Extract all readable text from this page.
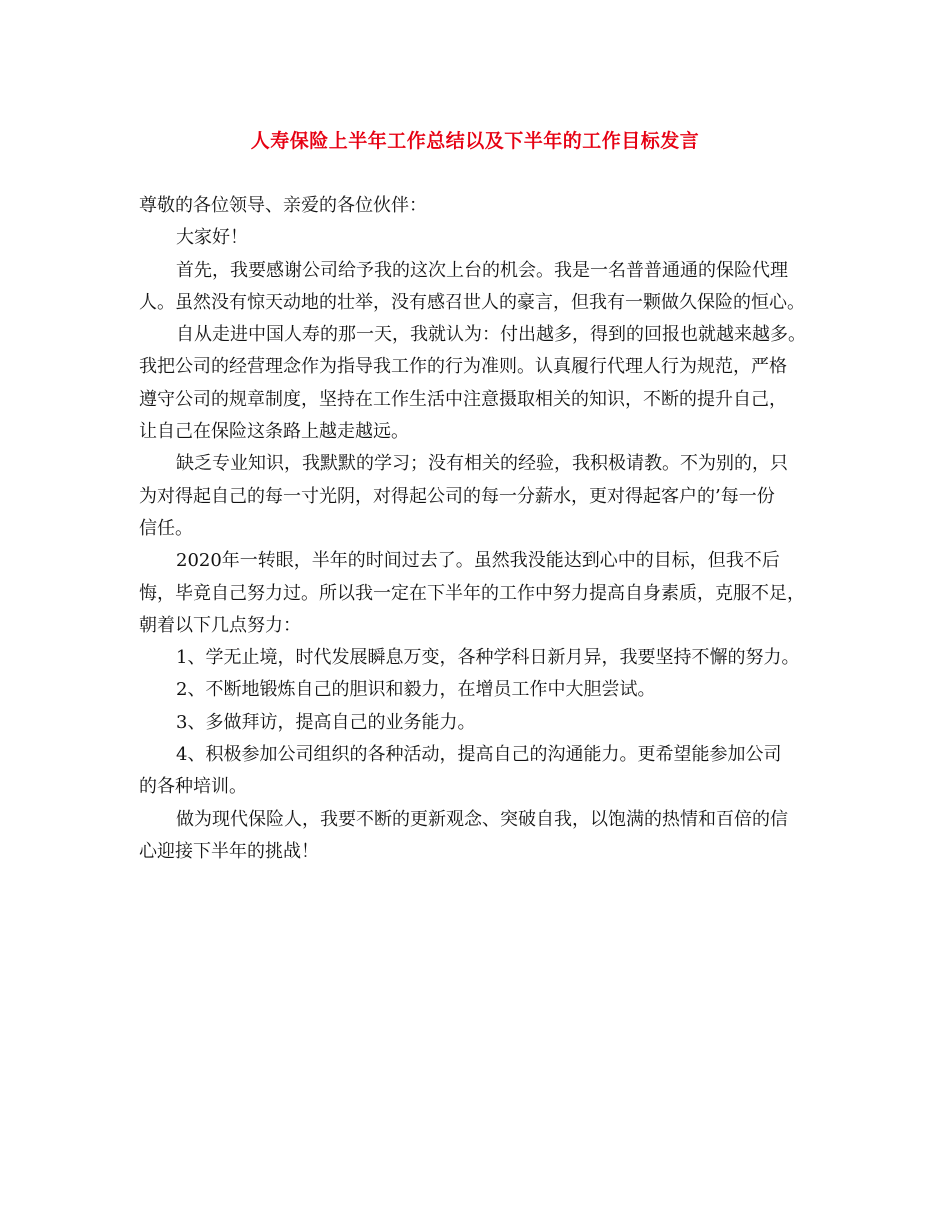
人寿保险上半年工作总结以及下半年的工作目标发言
尊敬的各位领导、亲爱的各位伙伴：
大家好！
首先，我要感谢公司给予我的这次上台的机会。我是一名普普通通的保险代理
人。虽然没有惊天动地的壮举，没有感召世人的豪言，但我有一颗做久保险的恒心。
自从走进中国人寿的那一天，我就认为：付出越多，得到的回报也就越来越多。
我把公司的经营理念作为指导我工作的行为准则。认真履行代理人行为规范，严格
遵守公司的规章制度，坚持在工作生活中注意摄取相关的知识，不断的提升自己，
让自己在保险这条路上越走越远。
缺乏专业知识，我默默的学习；没有相关的经验，我积极请教。不为别的，只
为对得起自己的每一寸光阴，对得起公司的每一分薪水，更对得起客户的’每一份
信任。
2020年一转眼，半年的时间过去了。虽然我没能达到心中的目标，但我不后
悔，毕竟自己努力过。所以我一定在下半年的工作中努力提高自身素质，克服不足，
朝着以下几点努力：
1、学无止境，时代发展瞬息万变，各种学科日新月异，我要坚持不懈的努力。
2、不断地锻炼自己的胆识和毅力，在增员工作中大胆尝试。
3、多做拜访，提高自己的业务能力。
4、积极参加公司组织的各种活动，提高自己的沟通能力。更希望能参加公司
的各种培训。
做为现代保险人，我要不断的更新观念、突破自我，以饱满的热情和百倍的信
心迎接下半年的挑战！
